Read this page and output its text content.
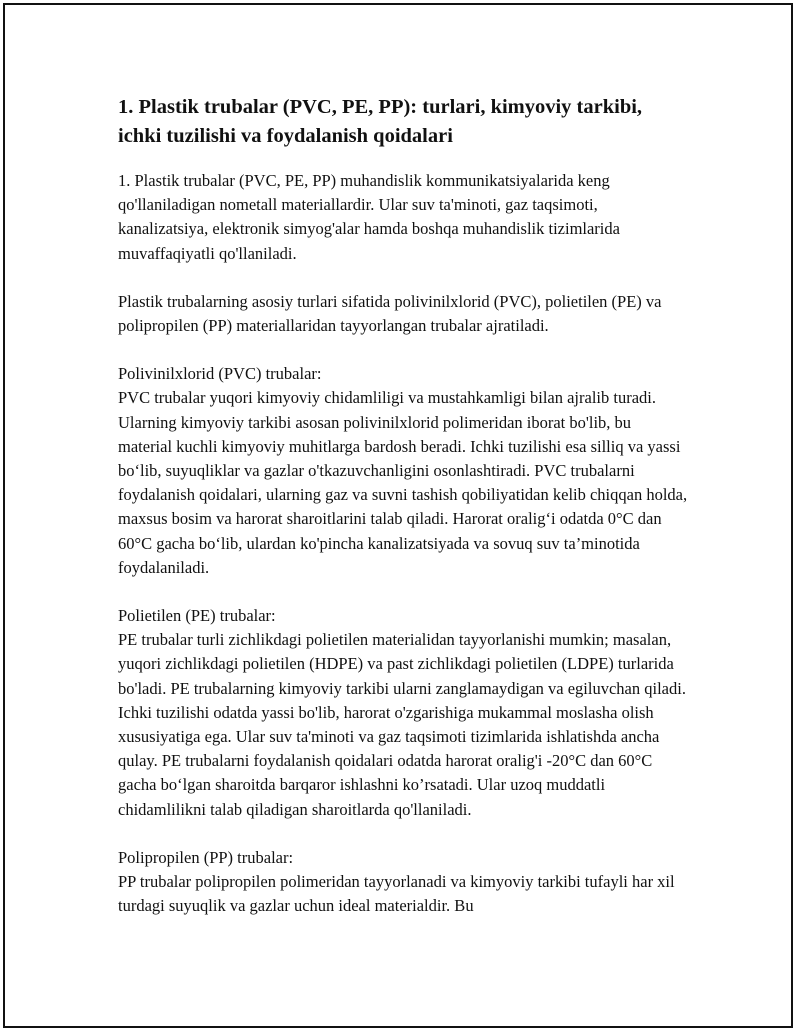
1. Plastik trubalar (PVC, PE, PP): turlari, kimyoviy tarkibi, ichki tuzilishi va foydalanish qoidalari

1. Plastik trubalar (PVC, PE, PP) muhandislik kommunikatsiyalarida keng qo'llaniladigan nometall materiallardir. Ular suv ta'minoti, gaz taqsimoti, kanalizatsiya, elektronik simyog'alar hamda boshqa muhandislik tizimlarida muvaffaqiyatli qo'llaniladi.

Plastik trubalarning asosiy turlari sifatida polivinilxlorid (PVC), polietilen (PE) va polipropilen (PP) materiallaridan tayyorlangan trubalar ajratiladi.

Polivinilxlorid (PVC) trubalar:

PVC trubalar yuqori kimyoviy chidamliligi va mustahkamligi bilan ajralib turadi. Ularning kimyoviy tarkibi asosan polivinilxlorid polimeridan iborat bo'lib, bu material kuchli kimyoviy muhitlarga bardosh beradi. Ichki tuzilishi esa silliq va yassi bo‘lib, suyuqliklar va gazlar o'tkazuvchanligini osonlashtiradi. PVC trubalarni foydalanish qoidalari, ularning gaz va suvni tashish qobiliyatidan kelib chiqqan holda, maxsus bosim va harorat sharoitlarini talab qiladi. Harorat oralig‘i odatda 0°C dan 60°C gacha bo‘lib, ulardan ko'pincha kanalizatsiyada va sovuq suv ta’minotida foydalaniladi.

Polietilen (PE) trubalar:

PE trubalar turli zichlikdagi polietilen materialidan tayyorlanishi mumkin; masalan, yuqori zichlikdagi polietilen (HDPE) va past zichlikdagi polietilen (LDPE) turlarida bo'ladi. PE trubalarning kimyoviy tarkibi ularni zanglamaydigan va egiluvchan qiladi. Ichki tuzilishi odatda yassi bo'lib, harorat o'zgarishiga mukammal moslasha olish xususiyatiga ega. Ular suv ta'minoti va gaz taqsimoti tizimlarida ishlatishda ancha qulay. PE trubalarni foydalanish qoidalari odatda harorat oralig'i -20°C dan 60°C gacha bo‘lgan sharoitda barqaror ishlashni ko’rsatadi. Ular uzoq muddatli chidamlilikni talab qiladigan sharoitlarda qo'llaniladi.

Polipropilen (PP) trubalar:

PP trubalar polipropilen polimeridan tayyorlanadi va kimyoviy tarkibi tufayli har xil turdagi suyuqlik va gazlar uchun ideal materialdir. Bu
